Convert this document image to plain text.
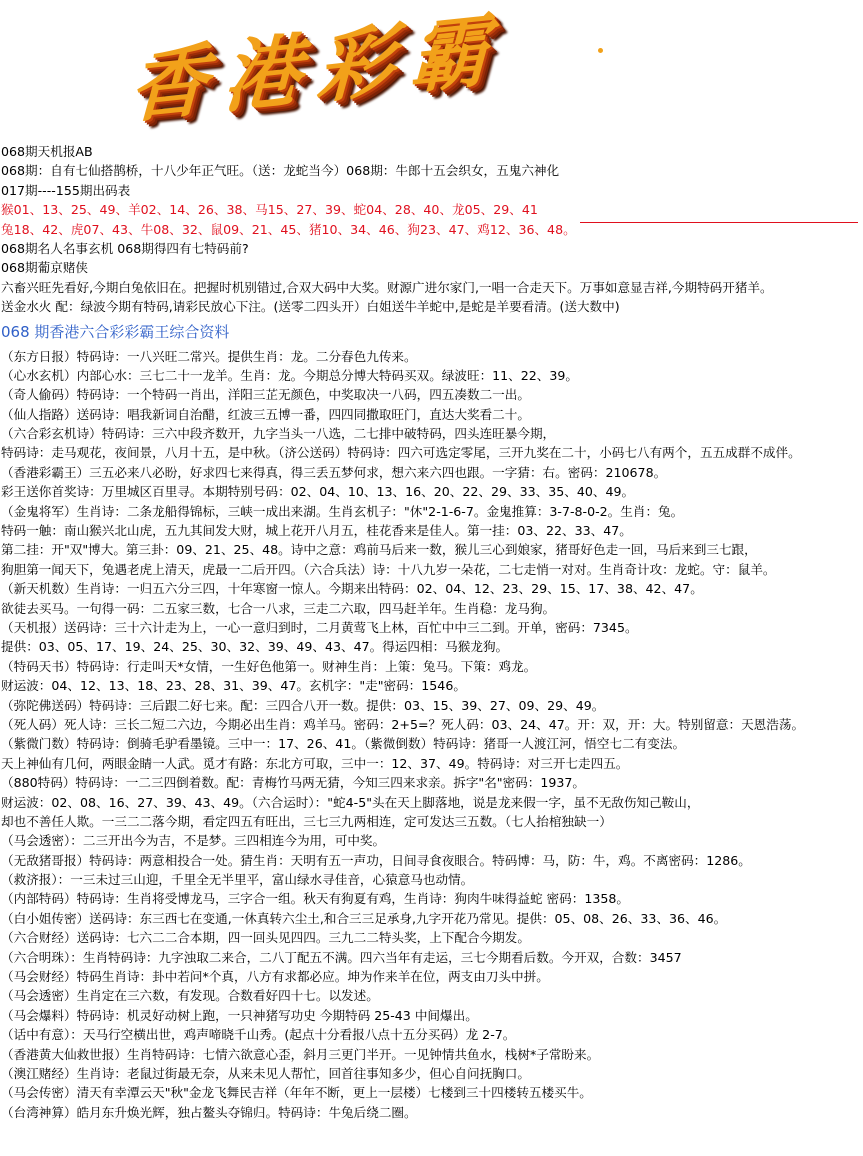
香港彩霸
068期天机报AB
068期：自有七仙搭鹊桥，十八少年正气旺。（送：龙蛇当今）068期：牛郎十五会织女，五鬼六神化
017期----155期出码表
猴01、13、25、49、羊02、14、26、38、马15、27、39、蛇04、28、40、龙05、29、41
兔18、42、虎07、43、牛08、32、鼠09、21、45、猪10、34、46、狗23、47、鸡12、36、48。
068期名人名事玄机 068期得四有七特码前?
068期葡京赌侠
六畜兴旺先看好,今期白兔依旧在。把握时机别错过,合双大码中大奖。财源广进尔家门,一唱一合走天下。万事如意显吉祥,今期特码开猪羊。
送金水火 配：绿波今期有特码,请彩民放心下注。(送零二四头开）白姐送牛羊蛇中,是蛇是羊要看清。(送大数中)
068 期香港六合彩彩霸王综合资料
（东方日报）特码诗：一八兴旺二常兴。提供生肖：龙。二分春色九传来。
（心水玄机）内部心水：三七二十一龙羊。生肖：龙。今期总分博大特码买双。绿波旺：11、22、39。
（奇人偷码）特码诗：一个特码一肖出，洋阳三芷无颜色，中奖取决一八码，四五凑数二一出。
（仙人指路）送码诗：唱我新词自治醋，红波三五博一番，四四同撒取旺门，直达大奖看二十。
（六合彩玄机诗）特码诗：三六中段齐数开，九字当头一八选，二七排中破特码，四头连旺暴今期，
特码诗：走马观花，夜间景，八月十五，是中秋。（济公送码）特码诗：四六可选定零尾，三开九奖在二十，小码七八有两个，五五成群不成伴。
（香港彩霸王）三五必来八必盼，好求四七来得真，得三丢五梦何求，想六来六四也跟。一字猜：右。密码：210678。
彩王送你首奖诗：万里城区百里寻。本期特别号码：02、04、10、13、16、20、22、29、33、35、40、49。
（金鬼将军）生肖诗：二条龙船得锦标，三峡一成出来湖。生肖玄机子："休"2-1-6-7。金鬼推算：3-7-8-0-2。生肖：兔。
特码一触：南山猴兴北山虎，五九其间发大财，城上花开八月五，桂花香来是佳人。第一挂：03、22、33、47。
第二挂：开"双"博大。第三卦：09、21、25、48。诗中之意：鸡前马后来一数，猴儿三心到娘家，猪哥好色走一回，马后来到三七跟，
狗胆第一闻天下，兔遇老虎上清天，虎最一二后开四。（六合兵法）诗：十八九岁一朵花，二七走悄一对对。生肖奇计攻：龙蛇。守：鼠羊。
（新天机数）生肖诗：一归五六分三四，十年寒窗一惊人。今期来出特码：02、04、12、23、29、15、17、38、42、47。
欲徒去买马。一句得一码：二五家三数，七合一八求，三走二六取，四马赶羊年。生肖稳：龙马狗。
（天机报）送码诗：三十六计走为上，一心一意归到时，二月黄莺飞上林，百忙中中三二到。开单，密码：7345。
提供：03、05、17、19、24、25、30、32、39、49、43、47。得运四相：马猴龙狗。
（特码天书）特码诗：行走叫天*女情，一生好色他第一。财神生肖：上策：兔马。下策：鸡龙。
财运波：04、12、13、18、23、28、31、39、47。玄机字："走"密码：1546。
（弥陀佛送码）特码诗：三后跟二好七来。配：三四合八开一数。提供：03、15、39、27、09、29、49。
（死人码）死人诗：三长二短二六边，今期必出生肖：鸡羊马。密码：2+5=？死人码：03、24、47。开：双，开：大。特别留意：天恩浩荡。
（紫微门数）特码诗：倒骑毛驴看墨镜。三中一：17、26、41。（紫微倒数）特码诗：猪哥一人渡江河，悟空七二有变法。
天上神仙有几何，两眼金睛一人武。觅才有路：东北方可取，三中一：12、37、49。特码诗：对三开七走四五。
（880特码）特码诗：一二三四倒着数。配：青梅竹马两无猜，今知三四来求亲。拆字"名"密码：1937。
财运波：02、08、16、27、39、43、49。（六合运时）："蛇4-5"头在天上脚落地，说是龙来假一字，虽不无敌伤知己鞍山，
却也不善任人欺。一三二二落今期，看定四五有旺出，三七三九两相连，定可发达三五数。（七人抬棺独缺一）
（马会透密）：二三开出今为吉，不是梦。三四相连今为用，可中奖。
（无敌猪哥报）特码诗：两意相投合一处。猜生肖：天明有五一声功，日间寻食夜眼合。特码博：马，防：牛，鸡。不离密码：1286。
（救济报）：一三未过三山迎，千里全无半里平，富山绿水寻佳音，心猿意马也动情。
（内部特码）特码诗：生肖将受博龙马，三字合一组。秋天有狗夏有鸡，生肖诗：狗肉牛味得益蛇 密码：1358。
（白小姐传密）送码诗：东三西七在变通,一休真转六尘土,和合三三足承身,九字开花乃常见。提供：05、08、26、33、36、46。
（六合财经）送码诗：七六二二合本期，四一回头见四四。三九二二特头奖，上下配合今期发。
（六合明珠）：生肖特码诗：九字浊取二来合，二八丁配五不满。四六当年有走运，三七今期看后数。今开双，合数：3457
（马会财经）特码生肖诗：卦中若问*个真，八方有求都必应。坤为作来羊在位，两支由刀头中拼。
（马会透密）生肖定在三六数，有发现。合数看好四十七。以发述。
（马会爆料）特码诗：机灵好动树上跑，一只神猪写功史 今期特码 25-43 中间爆出。
（话中有意）：天马行空横出世，鸡声啼晓千山秀。(起点十分看报八点十五分买码）龙 2-7。
（香港黄大仙救世报）生肖特码诗：七情六欲意心歪，斜月三更门半开。一见钟情共鱼水，栈树*子常盼来。
（澳江赌经）生肖诗：老鼠过街最无奈，从来未见人帮忙，回首往事知多少，但心自问抚胸口。
（马会传密）清天有幸潭云天"秋"金龙飞舞民吉祥（年年不断，更上一层楼）七楼到三十四楼转五楼买牛。
（台湾神算）皓月东升焕光辉，独占鳌头夺锦归。特码诗：牛兔后绕二圈。
